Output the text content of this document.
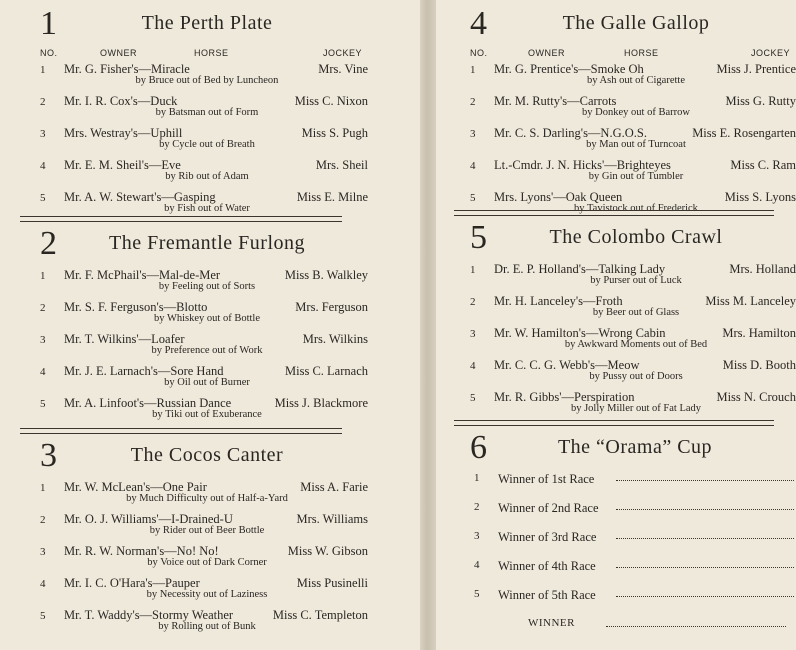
1	The Perth Plate
NO.	OWNER	HORSE	JOCKEY
1 Mr. G. Fisher's—Miracle	Mrs. Vine
by Bruce out of Bed by Luncheon
2 Mr. I. R. Cox's—Duck	Miss C. Nixon
by Batsman out of Form
3 Mrs. Westray's—Uphill	Miss S. Pugh
by Cycle out of Breath
4 Mr. E. M. Sheil's—Eve	Mrs. Sheil
by Rib out of Adam
5 Mr. A. W. Stewart's—Gasping	Miss E. Milne
by Fish out of Water
2	The Fremantle Furlong
1 Mr. F. McPhail's—Mal-de-Mer	Miss B. Walkley
by Feeling out of Sorts
2 Mr. S. F. Ferguson's—Blotto	Mrs. Ferguson
by Whiskey out of Bottle
3 Mr. T. Wilkins'—Loafer	Mrs. Wilkins
by Preference out of Work
4 Mr. J. E. Larnach's—Sore Hand	Miss C. Larnach
by Oil out of Burner
5 Mr. A. Linfoot's—Russian Dance	Miss J. Blackmore
by Tiki out of Exuberance
3	The Cocos Canter
1 Mr. W. McLean's—One Pair	Miss A. Farie
by Much Difficulty out of Half-a-Yard
2 Mr. O. J. Williams'—I-Drained-U	Mrs. Williams
by Rider out of Beer Bottle
3 Mr. R. W. Norman's—No! No!	Miss W. Gibson
by Voice out of Dark Corner
4 Mr. I. C. O'Hara's—Pauper	Miss Pusinelli
by Necessity out of Laziness
5 Mr. T. Waddy's—Stormy Weather	Miss C. Templeton
by Rolling out of Bunk
4	The Galle Gallop
NO.	OWNER	HORSE	JOCKEY
1 Mr. G. Prentice's—Smoke Oh	Miss J. Prentice
by Ash out of Cigarette
2 Mr. M. Rutty's—Carrots	Miss G. Rutty
by Donkey out of Barrow
3 Mr. C. S. Darling's—N.G.O.S.	Miss E. Rosengarten
by Man out of Turncoat
4 Lt.-Cmdr. J. N. Hicks'—Brighteyes	Miss C. Ram
by Gin out of Tumbler
5 Mrs. Lyons'—Oak Queen	Miss S. Lyons
by Tavistock out of Frederick
5	The Colombo Crawl
1 Dr. E. P. Holland's—Talking Lady	Mrs. Holland
by Purser out of Luck
2 Mr. H. Lanceley's—Froth	Miss M. Lanceley
by Beer out of Glass
3 Mr. W. Hamilton's—Wrong Cabin	Mrs. Hamilton
by Awkward Moments out of Bed
4 Mr. C. C. G. Webb's—Meow	Miss D. Booth
by Pussy out of Doors
5 Mr. R. Gibbs'—Perspiration	Miss N. Crouch
by Jolly Miller out of Fat Lady
6	The “Orama” Cup
1 Winner of 1st Race
2 Winner of 2nd Race
3 Winner of 3rd Race
4 Winner of 4th Race
5 Winner of 5th Race
WINNER
